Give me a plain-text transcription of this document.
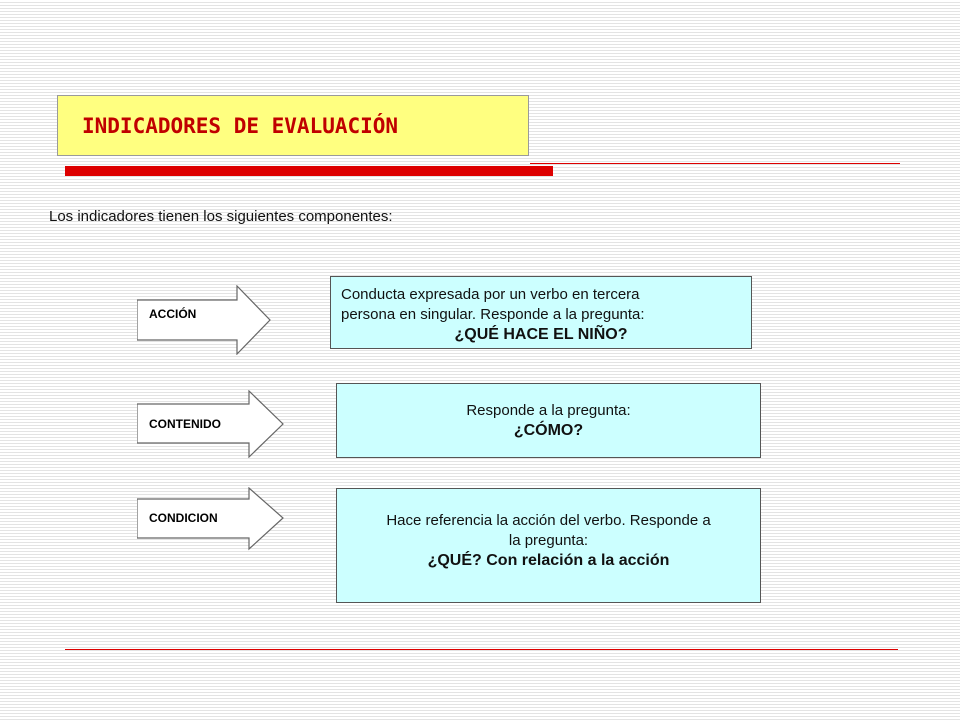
INDICADORES DE EVALUACIÓN
Los indicadores tienen los siguientes componentes:
ACCIÓN
Conducta expresada por un verbo en tercera
persona en singular. Responde a la pregunta:
¿QUÉ HACE EL NIÑO?
CONTENIDO
Responde a la pregunta:
¿CÓMO?
CONDICION	Hace referencia la acción del verbo. Responde a
la pregunta:
¿QUÉ? Con relación a la acción
